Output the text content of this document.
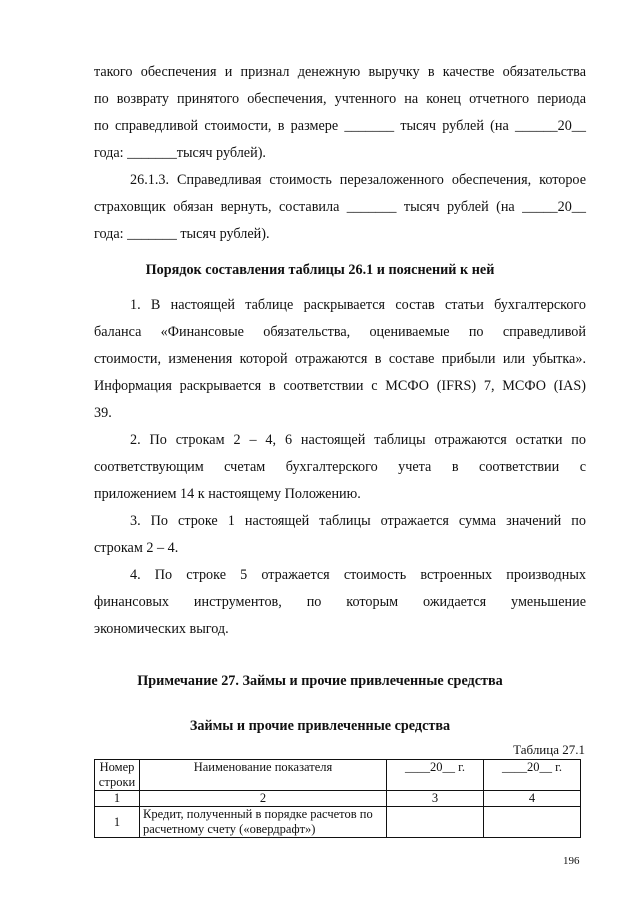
такого обеспечения и признал денежную выручку в качестве обязательства
по возврату принятого обеспечения, учтенного на конец отчетного периода
по справедливой стоимости, в размере _______ тысяч рублей (на ______20__
года: _______тысяч рублей).
26.1.3. Справедливая стоимость перезаложенного обеспечения, которое
страховщик обязан вернуть, составила _______ тысяч рублей (на _____20__
года: _______ тысяч рублей).
Порядок составления таблицы 26.1 и пояснений к ней
1. В настоящей таблице раскрывается состав статьи бухгалтерского
баланса «Финансовые обязательства, оцениваемые по справедливой
стоимости, изменения которой отражаются в составе прибыли или убытка».
Информация раскрывается в соответствии с МСФО (IFRS) 7, МСФО (IAS)
39.
2. По строкам 2 – 4, 6 настоящей таблицы отражаются остатки по
соответствующим счетам бухгалтерского учета в соответствии с
приложением 14 к настоящему Положению.
3. По строке 1 настоящей таблицы отражается сумма значений по
строкам 2 – 4.
4. По строке 5 отражается стоимость встроенных производных
финансовых инструментов, по которым ожидается уменьшение
экономических выгод.
Примечание 27. Займы и прочие привлеченные средства
Займы и прочие привлеченные средства
Таблица 27.1
Номер строки	Наименование показателя	____20__ г.	____20__ г.
1	2	3	4
1	Кредит, полученный в порядке расчетов по расчетному счету («овердрафт»)		
196
